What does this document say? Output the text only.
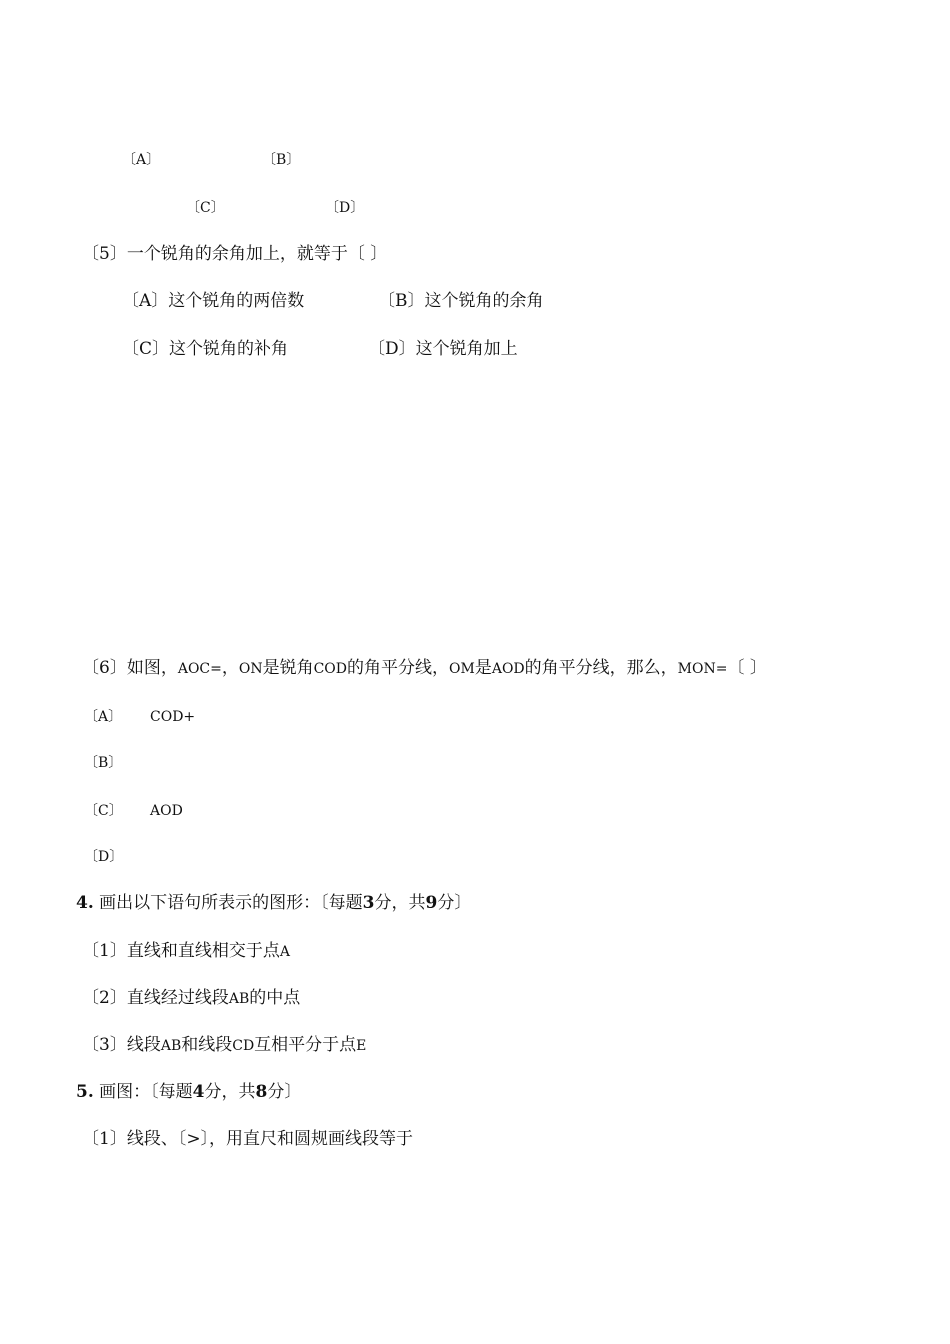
〔A〕	〔B〕
〔C〕	〔D〕
〔5〕一个锐角的余角加上，就等于〔 〕
〔A〕这个锐角的两倍数	〔B〕这个锐角的余角
〔C〕这个锐角的补角	〔D〕这个锐角加上
〔6〕如图，AOC=，ON是锐角COD的角平分线，OM是AOD的角平分线，那么，MON=〔 〕
〔A〕 COD+
〔B〕
〔C〕 AOD
〔D〕
4. 画出以下语句所表示的图形：〔每题3分，共9分〕
〔1〕直线和直线相交于点A
〔2〕直线经过线段AB的中点
〔3〕线段AB和线段CD互相平分于点E
5. 画图：〔每题4分，共8分〕
〔1〕线段、〔>〕，用直尺和圆规画线段等于
